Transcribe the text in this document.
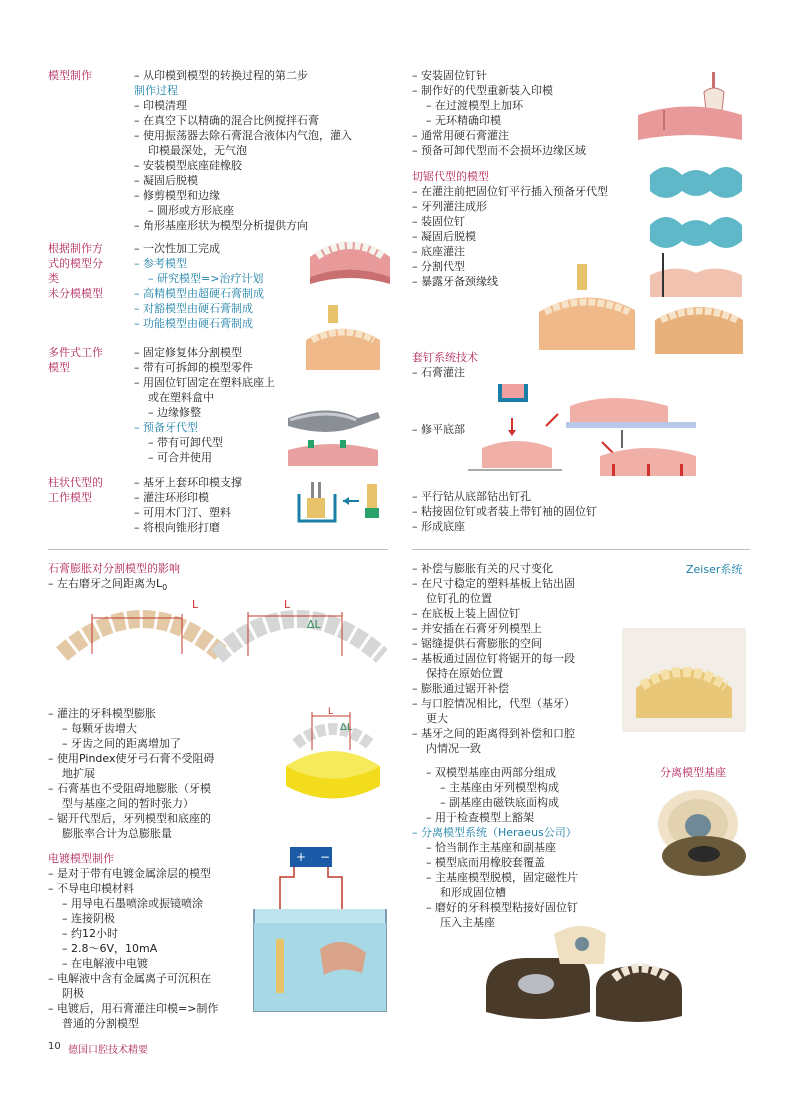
模型制作	– 从印模到模型的转换过程的第二步
制作过程
– 印模清理
– 在真空下以精确的混合比例搅拌石膏
– 使用振荡器去除石膏混合液体内气泡，灌入
印模最深处，无气泡
– 安装模型底座硅橡胶
– 凝固后脱模
– 修剪模型和边缘
– 圆形或方形底座
– 角形基座形状为模型分析提供方向
根据制作方
式的模型分
类
未分模模型
– 一次性加工完成
– 参考模型
– 研究模型=>治疗计划
– 高精模型由超硬石膏制成
– 对豁模型由硬石膏制成
– 功能模型由硬石膏制成
多件式工作
模型
– 固定修复体分割模型
– 带有可拆卸的模型零件
– 用固位钉固定在塑料底座上
或在塑料盒中
– 边缘修整
– 预备牙代型
– 带有可卸代型
– 可合并使用
柱状代型的
工作模型
– 基牙上套环印模支撑
– 灌注环形印模
– 可用木门汀、塑料
– 将根向锥形打磨
– 安装固位钉针
– 制作好的代型重新装入印模
– 在过渡模型上加环
– 无环精确印模
– 通常用硬石膏灌注
– 预备可卸代型而不会损坏边缘区域
切锯代型的模型
– 在灌注前把固位钉平行插入预备牙代型
– 牙列灌注成形
– 装固位钉
– 凝固后脱模
– 底座灌注
– 分割代型
– 暴露牙备颈缘线
套钉系统技术
– 石膏灌注
– 修平底部
– 平行钻从底部钻出钉孔
– 粘接固位钉或者装上带钉袖的固位钉
– 形成底座
石膏膨胀对分割模型的影响
– 左右磨牙之间距离为$L_0$
L	L
ΔL
– 灌注的牙科模型膨胀
– 每颗牙齿增大
– 牙齿之间的距离增加了
– 使用Pindex使牙弓石膏不受阻碍
地扩展
– 石膏基也不受阻碍地膨胀（牙模
型与基座之间的暂时张力）
– 锯开代型后，牙列模型和底座的
膨胀率合计为总膨胀量
L
ΔL
电镀模型制作
– 是对于带有电镀金属涂层的模型
– 不导电印模材料
– 用导电石墨喷涂或振镜喷涂
– 连接阴极
– 约12小时
– 2.8～6V，10mA
– 在电解液中电镀
– 电解液中含有金属离子可沉积在
阴极
– 电镀后，用石膏灌注印模=>制作
普通的分割模型
+ −
Zeiser系统
– 补偿与膨胀有关的尺寸变化
– 在尺寸稳定的塑料基板上钻出固
位钉孔的位置
– 在底板上装上固位钉
– 并安插在石膏牙列模型上
– 锯缝提供石膏膨胀的空间
– 基板通过固位钉将锯开的每一段
保持在原始位置
– 膨胀通过锯开补偿
– 与口腔情况相比，代型（基牙）
更大
– 基牙之间的距离得到补偿和口腔
内情况一致
分离模型基座
– 双模型基座由两部分组成
– 主基座由牙列模型构成
– 副基座由磁铁底面构成
– 用于检查模型上豁架
– 分离模型系统（Heraeus公司）
– 恰当制作主基座和副基座
– 模型底而用橡胶套覆盖
– 主基座模型脱模，固定磁性片
和形成固位槽
– 磨好的牙科模型粘接好固位钉
压入主基座
10 德国口腔技术精要
